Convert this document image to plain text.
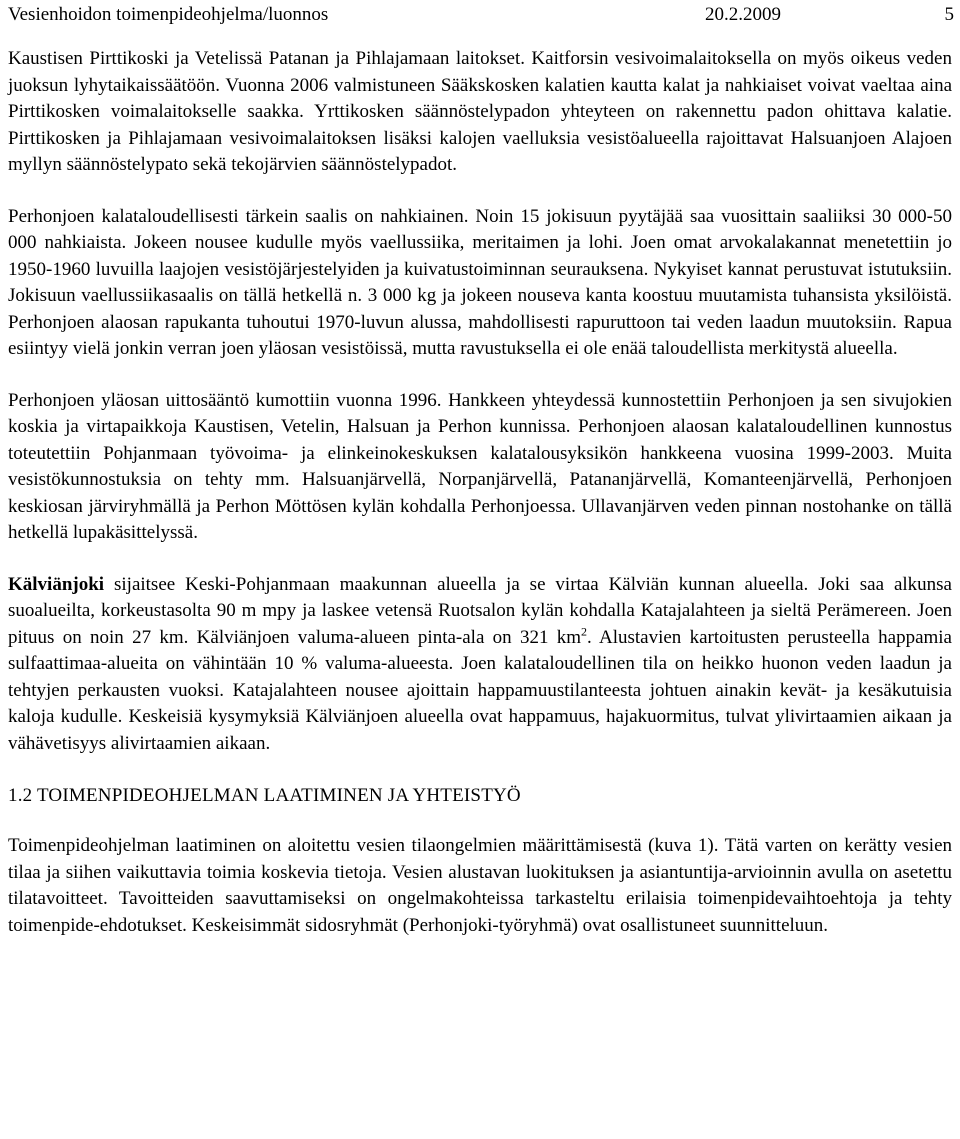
Vesienhoidon toimenpideohjelma/luonnos	20.2.2009	5

Kaustisen Pirttikoski ja Vetelissä Patanan ja Pihlajamaan laitokset. Kaitforsin vesivoimalaitoksella on myös oikeus veden juoksun lyhytaikaissäätöön. Vuonna 2006 valmistuneen Sääkskosken kalatien kautta kalat ja nahkiaiset voivat vaeltaa aina Pirttikosken voimalaitokselle saakka. Yrttikosken säännöstelypadon yhteyteen on rakennettu padon ohittava kalatie. Pirttikosken ja Pihlajamaan vesivoimalaitoksen lisäksi kalojen vaelluksia vesistöalueella rajoittavat Halsuanjoen Alajoen myllyn säännöstelypato sekä tekojärvien säännöstelypadot.

Perhonjoen kalataloudellisesti tärkein saalis on nahkiainen. Noin 15 jokisuun pyytäjää saa vuosittain saaliiksi 30 000-50 000 nahkiaista. Jokeen nousee kudulle myös vaellussiika, meritaimen ja lohi. Joen omat arvokalakannat menetettiin jo 1950-1960 luvuilla laajojen vesistöjärjestelyiden ja kuivatustoiminnan seurauksena. Nykyiset kannat perustuvat istutuksiin. Jokisuun vaellussiikasaalis on tällä hetkellä n. 3 000 kg ja jokeen nouseva kanta koostuu muutamista tuhansista yksilöistä. Perhonjoen alaosan rapukanta tuhoutui 1970-luvun alussa, mahdollisesti rapuruttoon tai veden laadun muutoksiin. Rapua esiintyy vielä jonkin verran joen yläosan vesistöissä, mutta ravustuksella ei ole enää taloudellista merkitystä alueella.

Perhonjoen yläosan uittosääntö kumottiin vuonna 1996. Hankkeen yhteydessä kunnostettiin Perhonjoen ja sen sivujokien koskia ja virtapaikkoja Kaustisen, Vetelin, Halsuan ja Perhon kunnissa. Perhonjoen alaosan kalataloudellinen kunnostus toteutettiin Pohjanmaan työvoima- ja elinkeinokeskuksen kalatalousyksikön hankkeena vuosina 1999-2003. Muita vesistökunnostuksia on tehty mm. Halsuanjärvellä, Norpanjärvellä, Patananjärvellä, Komanteenjärvellä, Perhonjoen keskiosan järviryhmällä ja Perhon Möttösen kylän kohdalla Perhonjoessa. Ullavanjärven veden pinnan nostohanke on tällä hetkellä lupakäsittelyssä.

Kälviänjoki sijaitsee Keski-Pohjanmaan maakunnan alueella ja se virtaa Kälviän kunnan alueella. Joki saa alkunsa suoalueilta, korkeustasolta 90 m mpy ja laskee vetensä Ruotsalon kylän kohdalla Katajalahteen ja sieltä Perämereen. Joen pituus on noin 27 km. Kälviänjoen valuma-alueen pinta-ala on 321 $km^2$. Alustavien kartoitusten perusteella happamia sulfaattimaa-alueita on vähintään 10 % valuma-alueesta. Joen kalataloudellinen tila on heikko huonon veden laadun ja tehtyjen perkausten vuoksi. Katajalahteen nousee ajoittain happamuustilanteesta johtuen ainakin kevät- ja kesäkutuisia kaloja kudulle. Keskeisiä kysymyksiä Kälviänjoen alueella ovat happamuus, hajakuormitus, tulvat ylivirtaamien aikaan ja vähävetisyys alivirtaamien aikaan.

1.2 TOIMENPIDEOHJELMAN LAATIMINEN JA YHTEISTYÖ

Toimenpideohjelman laatiminen on aloitettu vesien tilaongelmien määrittämisestä (kuva 1). Tätä varten on kerätty vesien tilaa ja siihen vaikuttavia toimia koskevia tietoja. Vesien alustavan luokituksen ja asiantuntija-arvioinnin avulla on asetettu tilatavoitteet. Tavoitteiden saavuttamiseksi on ongelmakohteissa tarkasteltu erilaisia toimenpidevaihtoehtoja ja tehty toimenpide-ehdotukset. Keskeisimmät sidosryhmät (Perhonjoki-työryhmä) ovat osallistuneet suunnitteluun.
